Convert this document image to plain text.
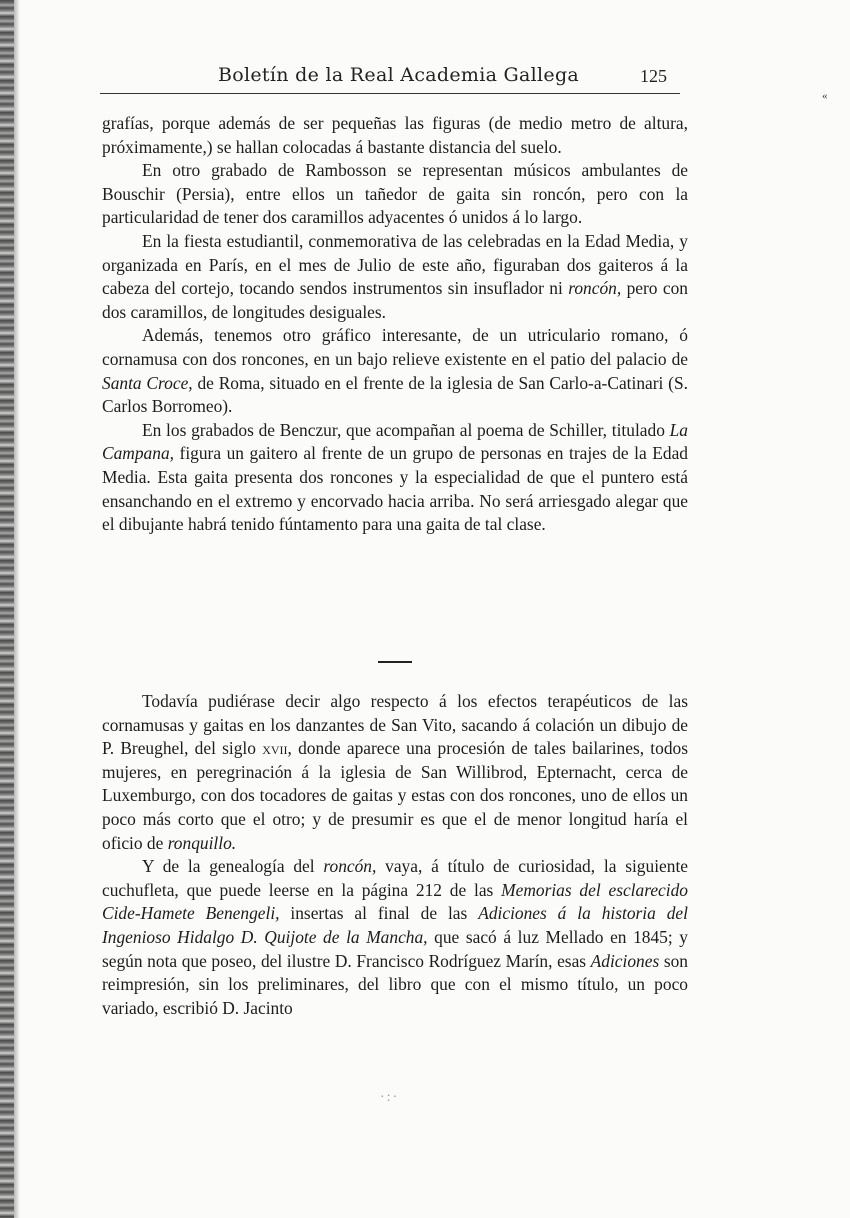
Boletín de la Real Academia Gallega	125
«

grafías, porque además de ser pequeñas las figuras (de medio metro de altura, próximamente,) se hallan colocadas á bastante distancia del suelo.

En otro grabado de Rambosson se representan músicos ambulantes de Bouschir (Persia), entre ellos un tañedor de gaita sin roncón, pero con la particularidad de tener dos caramillos adyacentes ó unidos á lo largo.

En la fiesta estudiantil, conmemorativa de las celebradas en la Edad Media, y organizada en París, en el mes de Julio de este año, figuraban dos gaiteros á la cabeza del cortejo, tocando sendos instrumentos sin insuflador ni roncón, pero con dos caramillos, de longitudes desiguales.

Además, tenemos otro gráfico interesante, de un utriculario romano, ó cornamusa con dos roncones, en un bajo relieve existente en el patio del palacio de Santa Croce, de Roma, situado en el frente de la iglesia de San Carlo-a-Catinari (S. Carlos Borromeo).

En los grabados de Benczur, que acompañan al poema de Schiller, titulado La Campana, figura un gaitero al frente de un grupo de personas en trajes de la Edad Media. Esta gaita presenta dos roncones y la especialidad de que el puntero está ensanchando en el extremo y encorvado hacia arriba. No será arriesgado alegar que el dibujante habrá tenido fúntamento para una gaita de tal clase.

Todavía pudiérase decir algo respecto á los efectos terapéuticos de las cornamusas y gaitas en los danzantes de San Vito, sacando á colación un dibujo de P. Breughel, del siglo xvii, donde aparece una procesión de tales bailarines, todos mujeres, en peregrinación á la iglesia de San Willibrod, Epternacht, cerca de Luxemburgo, con dos tocadores de gaitas y estas con dos roncones, uno de ellos un poco más corto que el otro; y de presumir es que el de menor longitud haría el oficio de ronquillo.

Y de la genealogía del roncón, vaya, á título de curiosidad, la siguiente cuchufleta, que puede leerse en la página 212 de las Memorias del esclarecido Cide-Hamete Benengeli, insertas al final de las Adiciones á la historia del Ingenioso Hidalgo D. Quijote de la Mancha, que sacó á luz Mellado en 1845; y según nota que poseo, del ilustre D. Francisco Rodríguez Marín, esas Adiciones son reimpresión, sin los preliminares, del libro que con el mismo título, un poco variado, escribió D. Jacinto

·:·
